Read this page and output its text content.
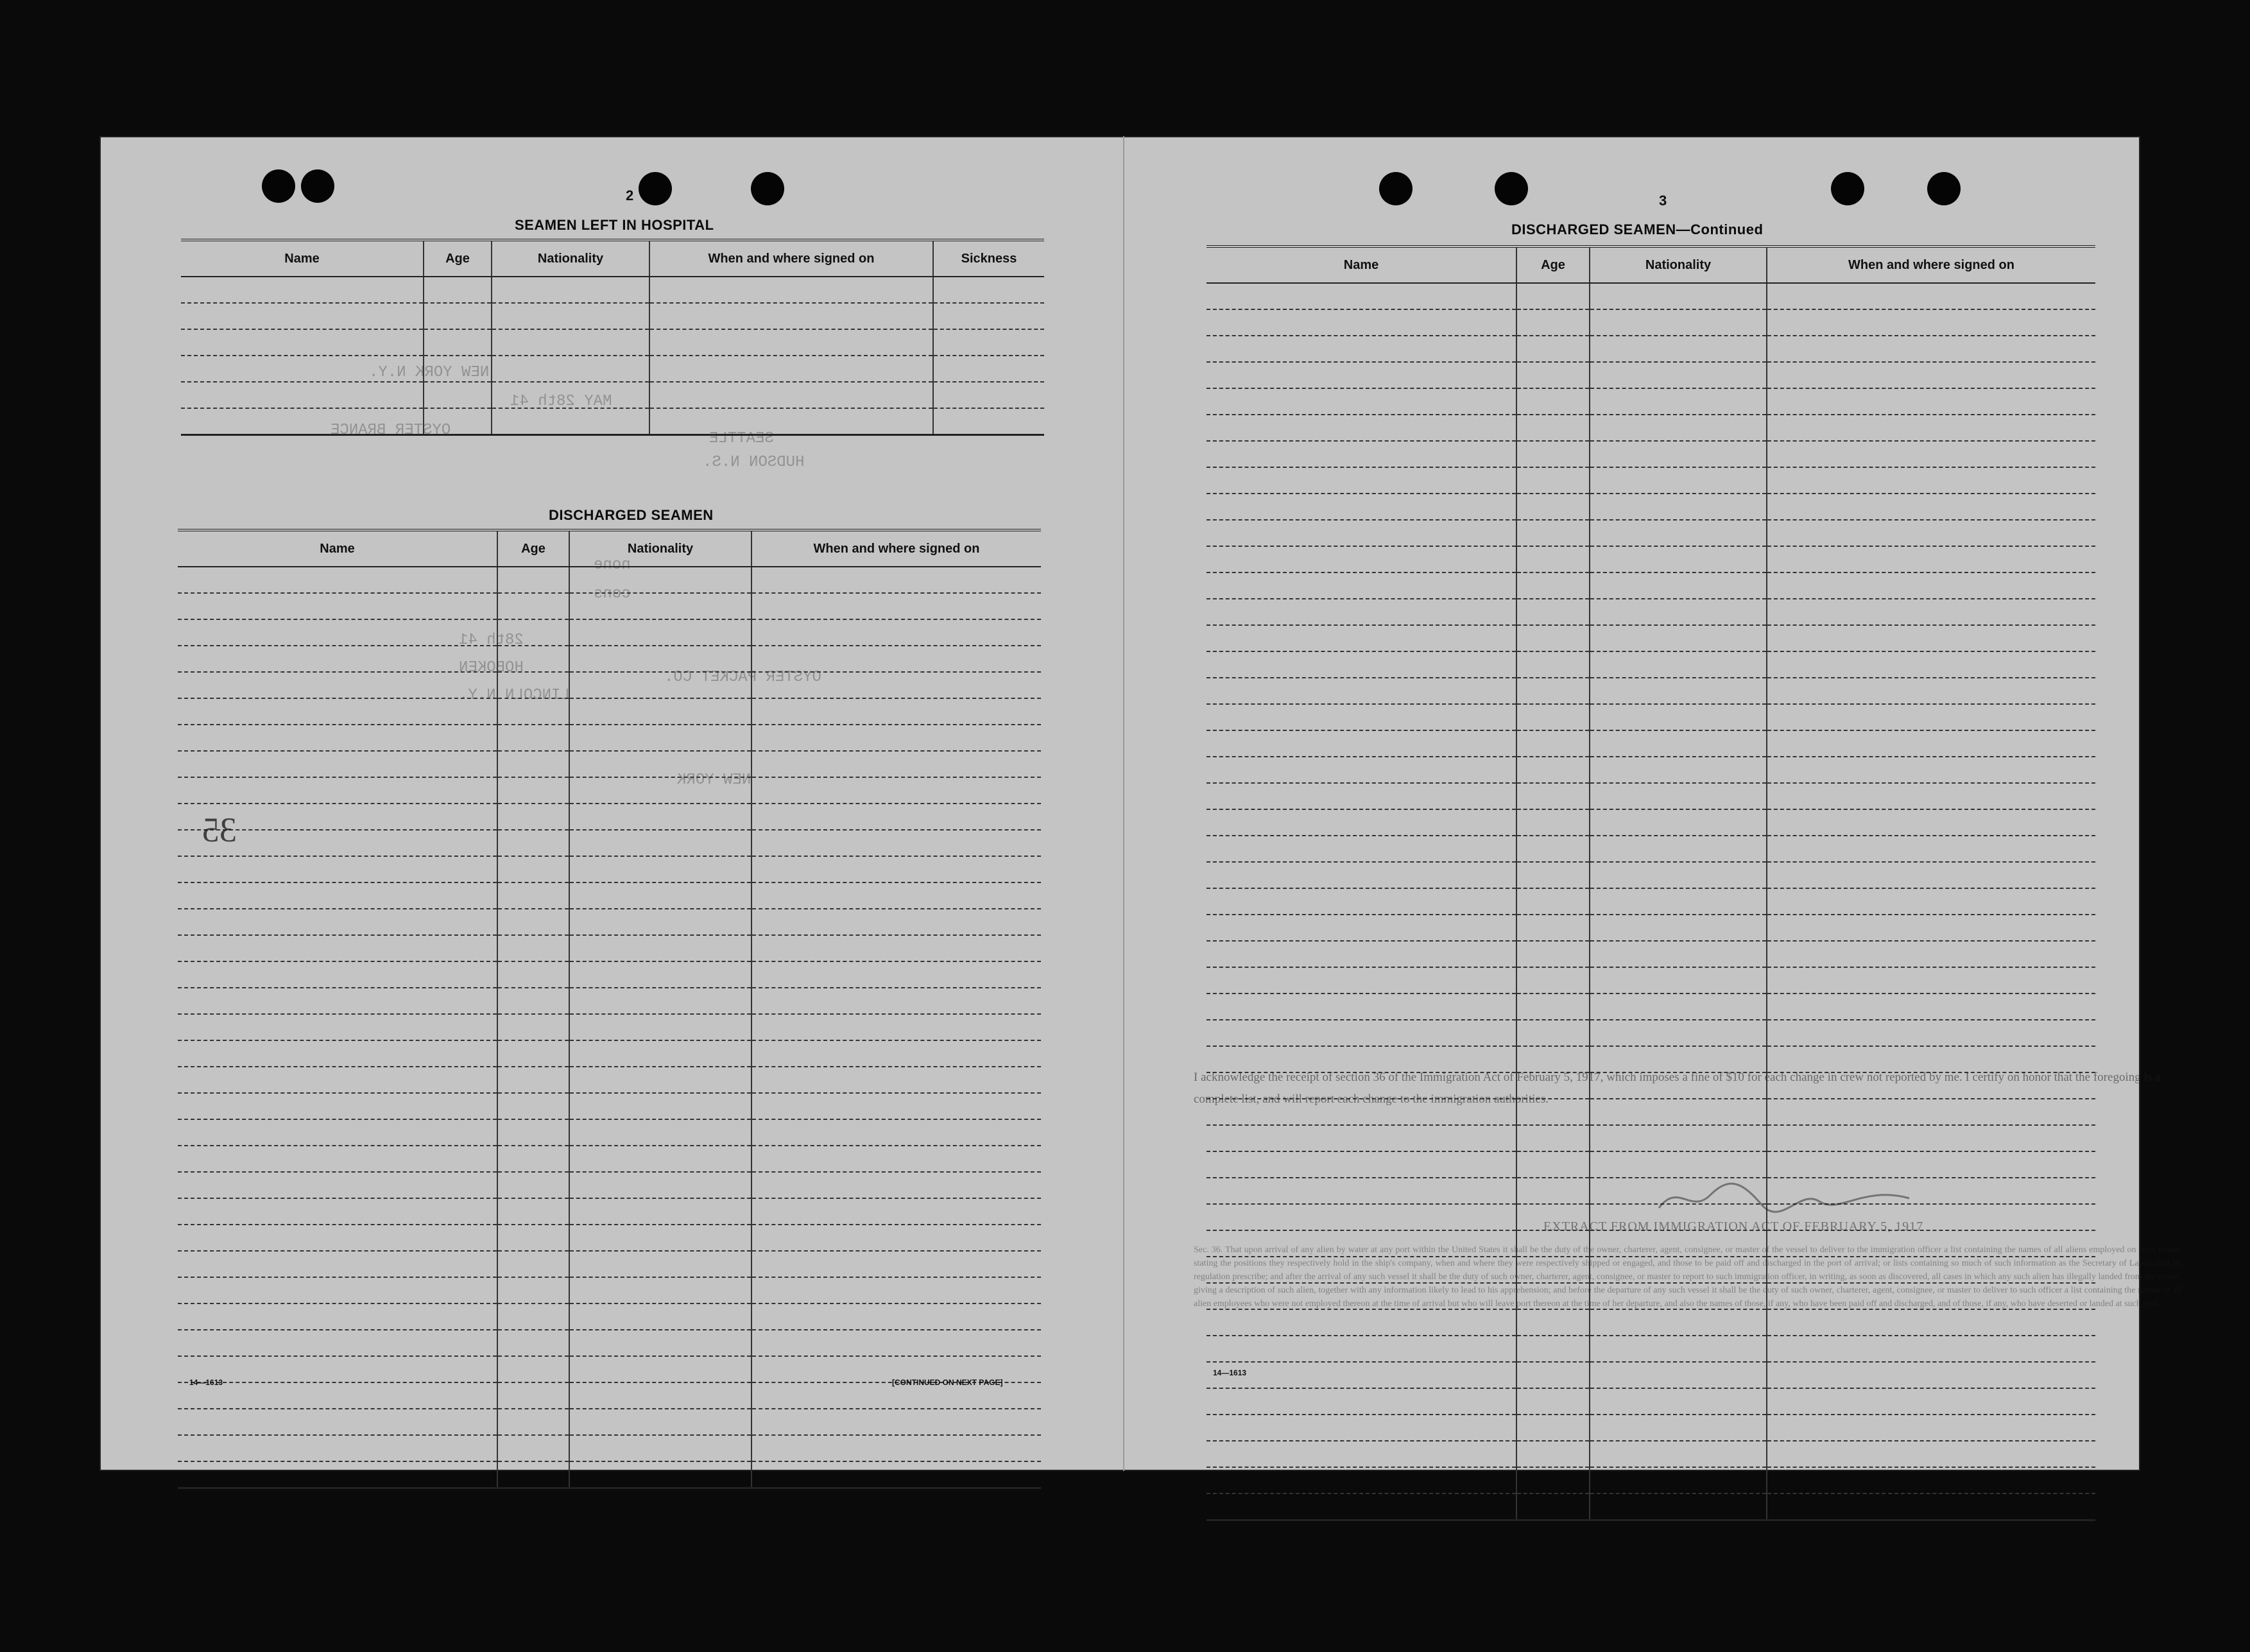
NEW YORK N.Y.
MAY 28th 41
OYSTER BRANCE	SEATTLE
HUDSON N.S.
none
cons
28th 41
HOBOKEN
LINCOLN N.Y.
OYSTER PACKET CO.
NEW YORK
2
SEAMEN LEFT IN HOSPITAL
Name	Age	Nationality	When and where signed on	Sickness

DISCHARGED SEAMEN
Name	Age	Nationality	When and where signed on

35
14—1613	[CONTINUED ON NEXT PAGE]
3
DISCHARGED SEAMEN—Continued
Name	Age	Nationality	When and where signed on

I acknowledge the receipt of section 36 of the Immigration Act of February 5, 1917, which imposes a fine of $10 for each change in crew not reported by me. I certify on honor that the foregoing is a complete list, and will report each change to the immigration authorities.
EXTRACT FROM IMMIGRATION ACT OF FEBRUARY 5, 1917
Sec. 36. That upon arrival of any alien by water at any port within the United States it shall be the duty of the owner, charterer, agent, consignee, or master of the vessel to deliver to the immigration officer a list containing the names of all aliens employed on such vessel, stating the positions they respectively hold in the ship's company, when and where they were respectively shipped or engaged, and those to be paid off and discharged in the port of arrival; or lists containing so much of such information as the Secretary of Labor shall by regulation prescribe; and after the arrival of any such vessel it shall be the duty of such owner, charterer, agent, consignee, or master to report to such immigration officer, in writing, as soon as discovered, all cases in which any such alien has illegally landed from the vessel, giving a description of such alien, together with any information likely to lead to his apprehension; and before the departure of any such vessel it shall be the duty of such owner, charterer, agent, consignee, or master to deliver to such officer a list containing the names of all alien employees who were not employed thereon at the time of arrival but who will leave port thereon at the time of her departure, and also the names of those, if any, who have been paid off and discharged, and of those, if any, who have deserted or landed at such port.
14—1613
